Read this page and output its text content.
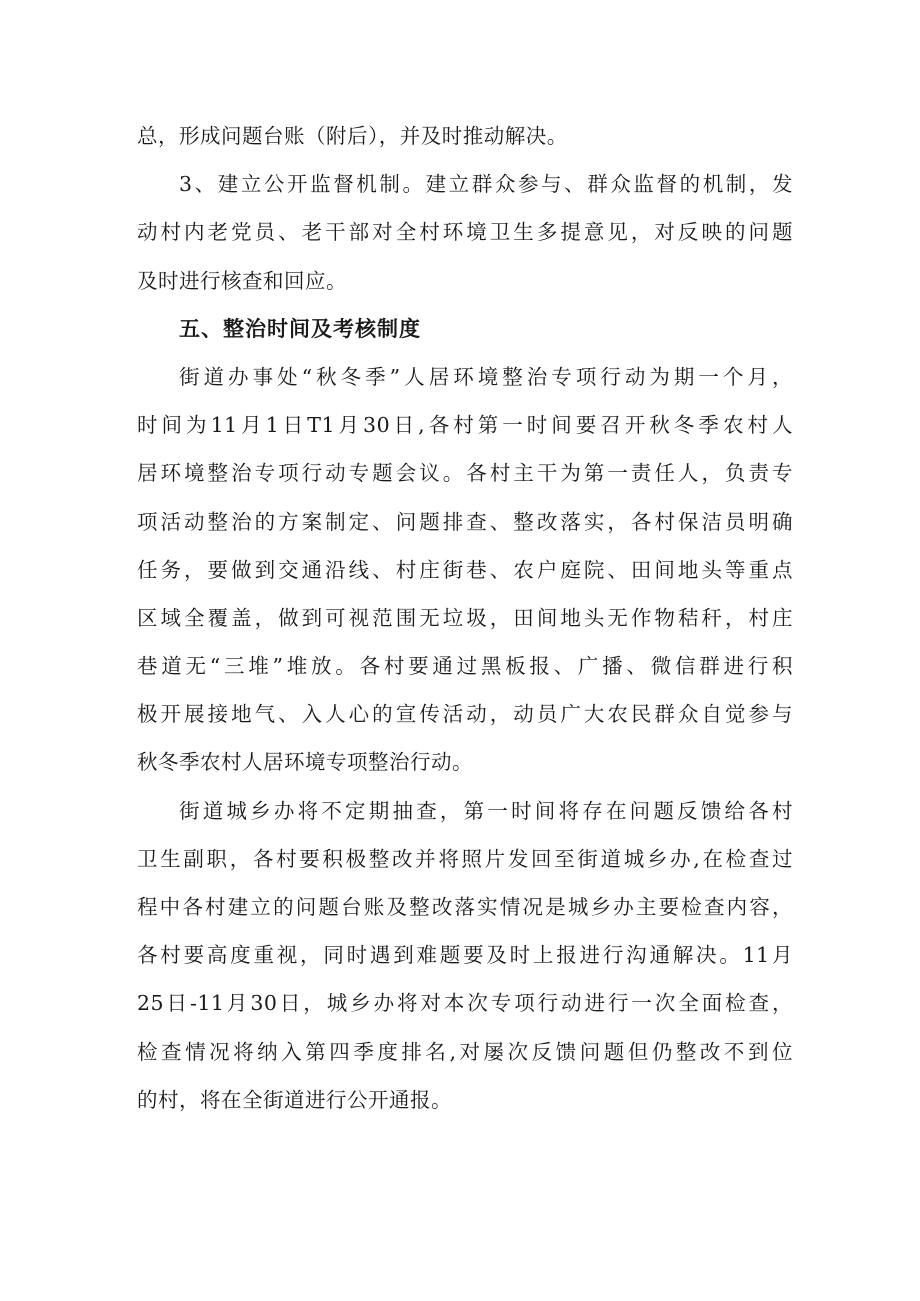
总，形成问题台账（附后），并及时推动解决。
3、建立公开监督机制。建立群众参与、群众监督的机制，发
动村内老党员、老干部对全村环境卫生多提意见，对反映的问题
及时进行核查和回应。
五、整治时间及考核制度
街道办事处“秋冬季”人居环境整治专项行动为期一个月，
时间为11月1日T1月30日,各村第一时间要召开秋冬季农村人
居环境整治专项行动专题会议。各村主干为第一责任人，负责专
项活动整治的方案制定、问题排查、整改落实，各村保洁员明确
任务，要做到交通沿线、村庄街巷、农户庭院、田间地头等重点
区域全覆盖，做到可视范围无垃圾，田间地头无作物秸秆，村庄
巷道无“三堆”堆放。各村要通过黑板报、广播、微信群进行积
极开展接地气、入人心的宣传活动，动员广大农民群众自觉参与
秋冬季农村人居环境专项整治行动。
街道城乡办将不定期抽查，第一时间将存在问题反馈给各村
卫生副职，各村要积极整改并将照片发回至街道城乡办,在检查过
程中各村建立的问题台账及整改落实情况是城乡办主要检查内容，
各村要高度重视，同时遇到难题要及时上报进行沟通解决。11月
25日-11月30日，城乡办将对本次专项行动进行一次全面检查，
检查情况将纳入第四季度排名,对屡次反馈问题但仍整改不到位
的村，将在全街道进行公开通报。
